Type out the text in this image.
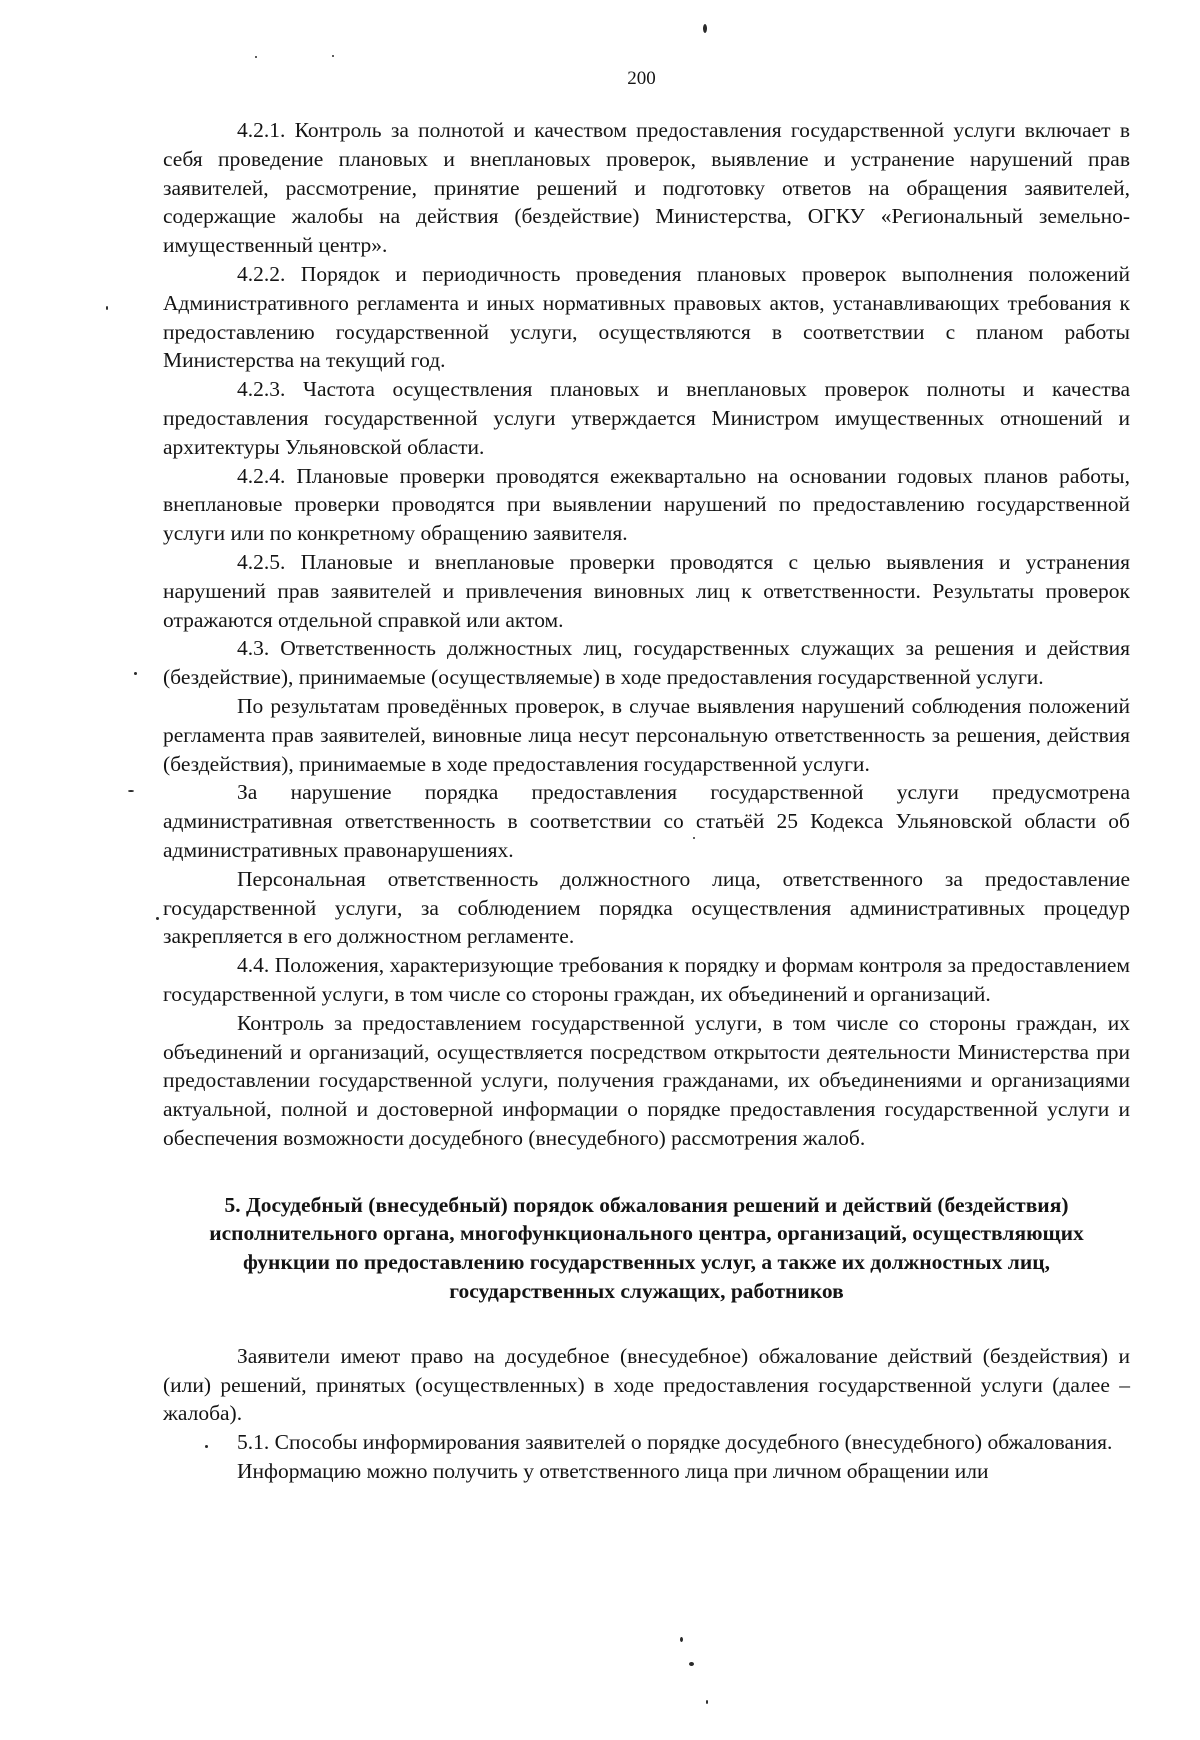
200

4.2.1. Контроль за полнотой и качеством предоставления государственной услуги включает в себя проведение плановых и внеплановых проверок, выявление и устранение нарушений прав заявителей, рассмотрение, принятие решений и подготовку ответов на обращения заявителей, содержащие жалобы на действия (бездействие) Министерства, ОГКУ «Региональный земельно-имущественный центр».

4.2.2. Порядок и периодичность проведения плановых проверок выполнения положений Административного регламента и иных нормативных правовых актов, устанавливающих требования к предоставлению государственной услуги, осуществляются в соответствии с планом работы Министерства на текущий год.

4.2.3. Частота осуществления плановых и внеплановых проверок полноты и качества предоставления государственной услуги утверждается Министром имущественных отношений и архитектуры Ульяновской области.

4.2.4. Плановые проверки проводятся ежеквартально на основании годовых планов работы, внеплановые проверки проводятся при выявлении нарушений по предоставлению государственной услуги или по конкретному обращению заявителя.

4.2.5. Плановые и внеплановые проверки проводятся с целью выявления и устранения нарушений прав заявителей и привлечения виновных лиц к ответственности. Результаты проверок отражаются отдельной справкой или актом.

4.3. Ответственность должностных лиц, государственных служащих за решения и действия (бездействие), принимаемые (осуществляемые) в ходе предоставления государственной услуги.

По результатам проведённых проверок, в случае выявления нарушений соблюдения положений регламента прав заявителей, виновные лица несут персональную ответственность за решения, действия (бездействия), принимаемые в ходе предоставления государственной услуги.

За нарушение порядка предоставления государственной услуги предусмотрена административная ответственность в соответствии со статьёй 25 Кодекса Ульяновской области об административных правонарушениях.

Персональная ответственность должностного лица, ответственного за предоставление государственной услуги, за соблюдением порядка осуществления административных процедур закрепляется в его должностном регламенте.

4.4. Положения, характеризующие требования к порядку и формам контроля за предоставлением государственной услуги, в том числе со стороны граждан, их объединений и организаций.

Контроль за предоставлением государственной услуги, в том числе со стороны граждан, их объединений и организаций, осуществляется посредством открытости деятельности Министерства при предоставлении государственной услуги, получения гражданами, их объединениями и организациями актуальной, полной и достоверной информации о порядке предоставления государственной услуги и обеспечения возможности досудебного (внесудебного) рассмотрения жалоб.

5. Досудебный (внесудебный) порядок обжалования решений и действий (бездействия) исполнительного органа, многофункционального центра, организаций, осуществляющих функции по предоставлению государственных услуг, а также их должностных лиц, государственных служащих, работников

Заявители имеют право на досудебное (внесудебное) обжалование действий (бездействия) и (или) решений, принятых (осуществленных) в ходе предоставления государственной услуги (далее – жалоба).

5.1. Способы информирования заявителей о порядке досудебного (внесудебного) обжалования.

Информацию можно получить у ответственного лица при личном обращении или
